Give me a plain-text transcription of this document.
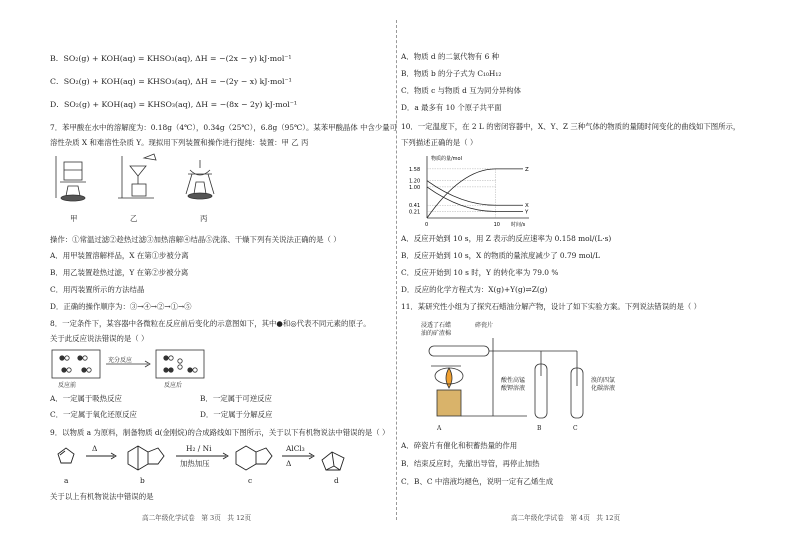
B．SO₂(g) + KOH(aq) = KHSO₃(aq), ΔH = −(2x − y) kJ·mol⁻¹
C．SO₂(g) + KOH(aq) = KHSO₃(aq), ΔH = −(2y − x) kJ·mol⁻¹
D．SO₂(g) + KOH(aq) = KHSO₃(aq), ΔH = −(8x − 2y) kJ·mol⁻¹
7．苯甲酸在水中的溶解度为：0.18g（4℃），0.34g（25℃），6.8g（95℃）。某苯甲酸晶体 中含少量可
溶性杂质 X 和难溶性杂质 Y。现拟用下列装置和操作进行提纯：装置：甲 乙 丙
甲	乙	丙
操作：①常温过滤②趁热过滤③加热溶解④结晶⑤洗涤、干燥下列有关说法正确的是（ ）
A．用甲装置溶解样品，X 在第①步被分离
B．用乙装置趁热过滤，Y 在第②步被分离
C．用丙装置所示的方法结晶
D．正确的操作顺序为：③→④→②→①→⑤
8．一定条件下，某容器中各微粒在反应前后变化的示意图如下，其中●和◎代表不同元素的原子。
关于此反应说法错误的是（ ）
反应前
充分反应
反应后
A．一定属于吸热反应	B．一定属于可逆反应
C．一定属于氧化还原反应	D．一定属于分解反应
9．以物质 a 为原料，制备物质 d(金刚烷)的合成路线如下图所示，关于以下有机物说法中错误的是（ ）
Δ	H₂ / Ni
加热加压
AlCl₃
Δ
a	b	c	d
关于以上有机物说法中错误的是
高二年级化学试卷　第 3页　共 12页
A．物质 d 的二氯代物有 6 种
B．物质 b 的分子式为 C₁₀H₁₂
C．物质 c 与物质 d 互为同分异构体
D．a 最多有 10 个原子共平面
10．一定温度下，在 2 L 的密闭容器中，X、Y、Z 三种气体的物质的量随时间变化的曲线如下图所示，
下列描述正确的是（ ）
物质的量/mol
时间/s
1.58
1.20
1.00
0.41
0.21
0	10
Z
X
Y
A．反应开始到 10 s，用 Z 表示的反应速率为 0.158 mol/(L·s)
B．反应开始到 10 s，X 的物质的量浓度减少了 0.79 mol/L
C．反应开始到 10 s 时，Y 的转化率为 79.0 %
D．反应的化学方程式为：X(g)+Y(g)⇌Z(g)
11．某研究性小组为了探究石蜡油分解产物，设计了如下实验方案。下列说法错误的是（ ）
浸透了石蜡
油的矿渣棉
碎瓷片
酸性高锰
酸钾溶液
溴的四氯
化碳溶液
A	B	C
A．碎瓷片有催化和积蓄热量的作用
B．结束反应时，先撤出导管，再停止加热
C．B、C 中溶液均褪色，说明一定有乙烯生成
高二年级化学试卷　第 4页　共 12页
